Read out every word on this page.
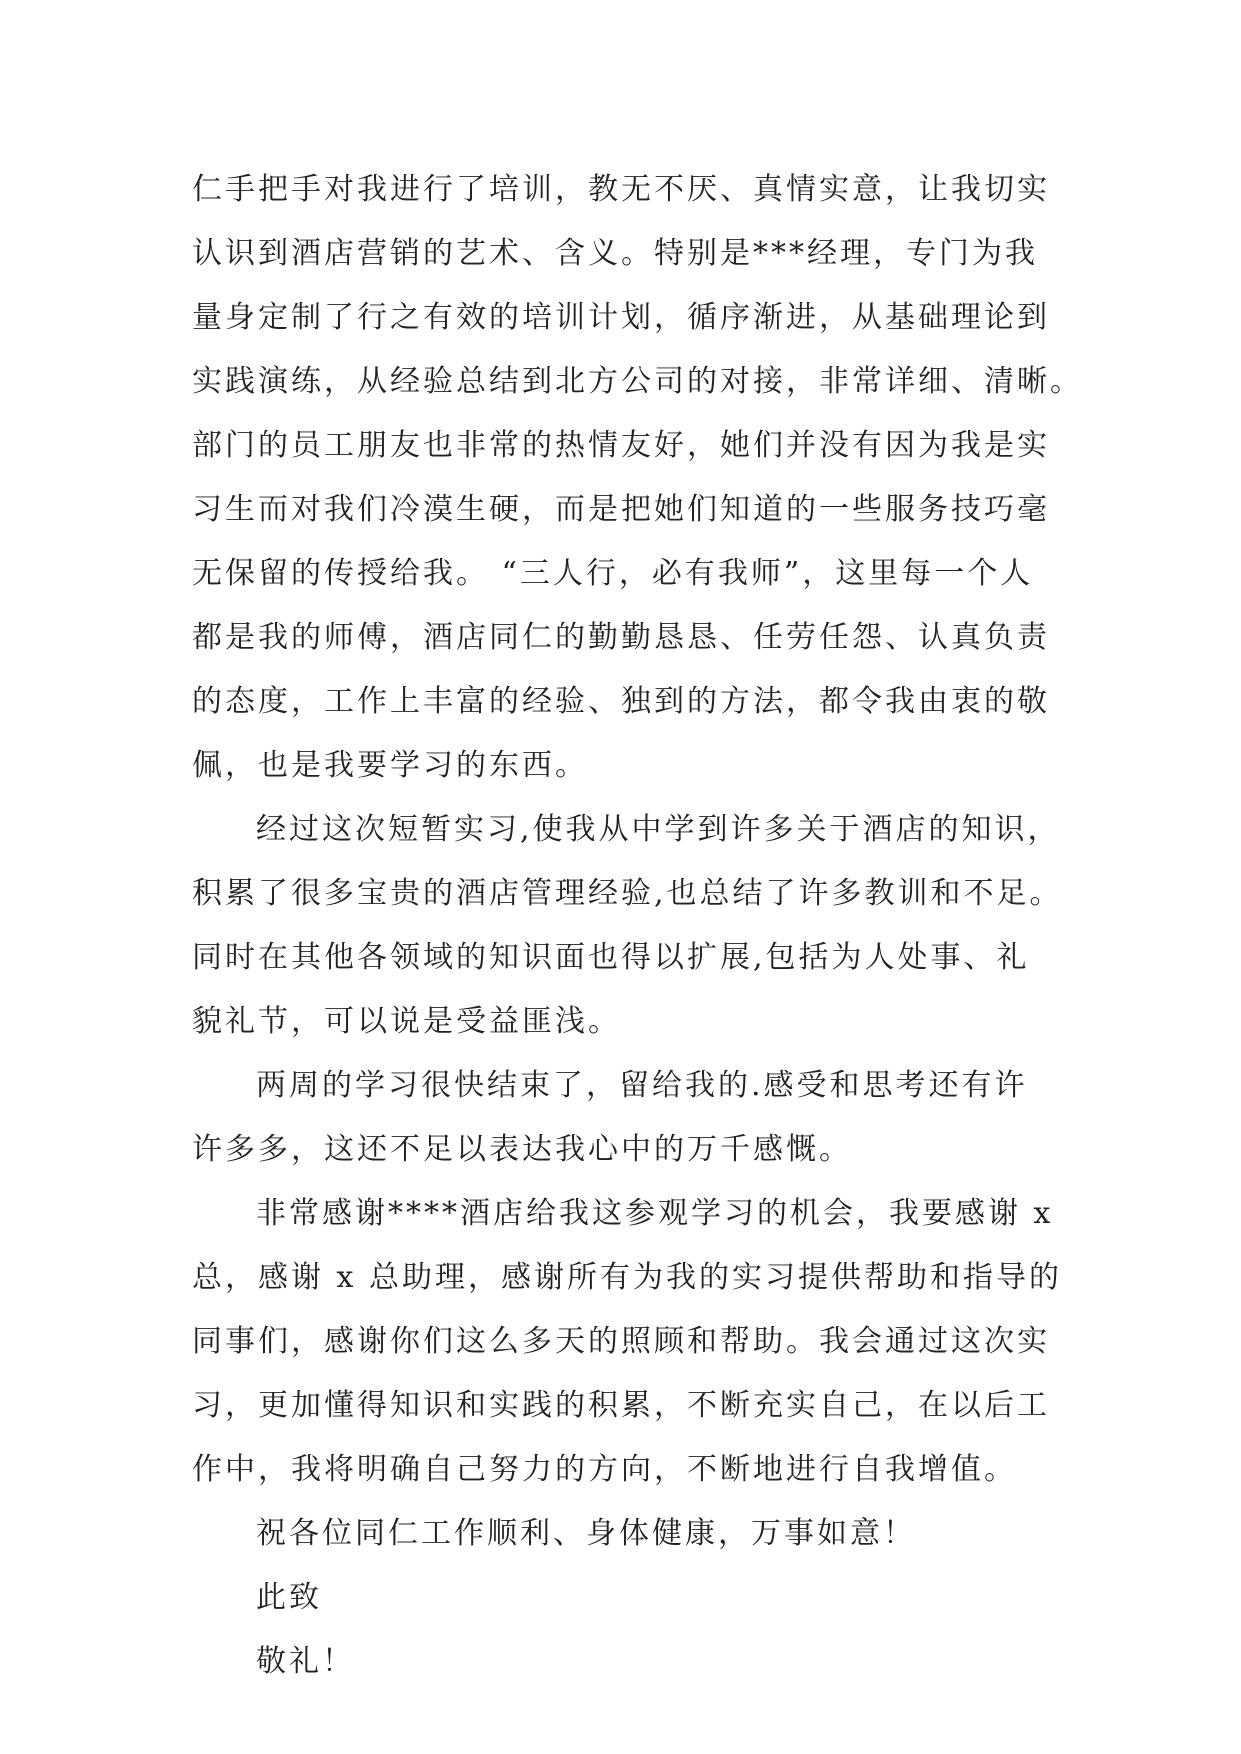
仁手把手对我进行了培训，教无不厌、真情实意，让我切实
认识到酒店营销的艺术、含义。特别是***经理，专门为我
量身定制了行之有效的培训计划，循序渐进，从基础理论到
实践演练，从经验总结到北方公司的对接，非常详细、清晰。
部门的员工朋友也非常的热情友好，她们并没有因为我是实
习生而对我们冷漠生硬，而是把她们知道的一些服务技巧毫
无保留的传授给我。 “三人行，必有我师”，这里每一个人
都是我的师傅，酒店同仁的勤勤恳恳、任劳任怨、认真负责
的态度，工作上丰富的经验、独到的方法，都令我由衷的敬
佩，也是我要学习的东西。
经过这次短暂实习,使我从中学到许多关于酒店的知识，
积累了很多宝贵的酒店管理经验,也总结了许多教训和不足。
同时在其他各领域的知识面也得以扩展,包括为人处事、礼
貌礼节，可以说是受益匪浅。
两周的学习很快结束了，留给我的.感受和思考还有许
许多多，这还不足以表达我心中的万千感慨。
非常感谢****酒店给我这参观学习的机会，我要感谢 x
总，感谢 x 总助理，感谢所有为我的实习提供帮助和指导的
同事们，感谢你们这么多天的照顾和帮助。我会通过这次实
习，更加懂得知识和实践的积累，不断充实自己，在以后工
作中，我将明确自己努力的方向，不断地进行自我增值。
祝各位同仁工作顺利、身体健康，万事如意！
此致
敬礼！
